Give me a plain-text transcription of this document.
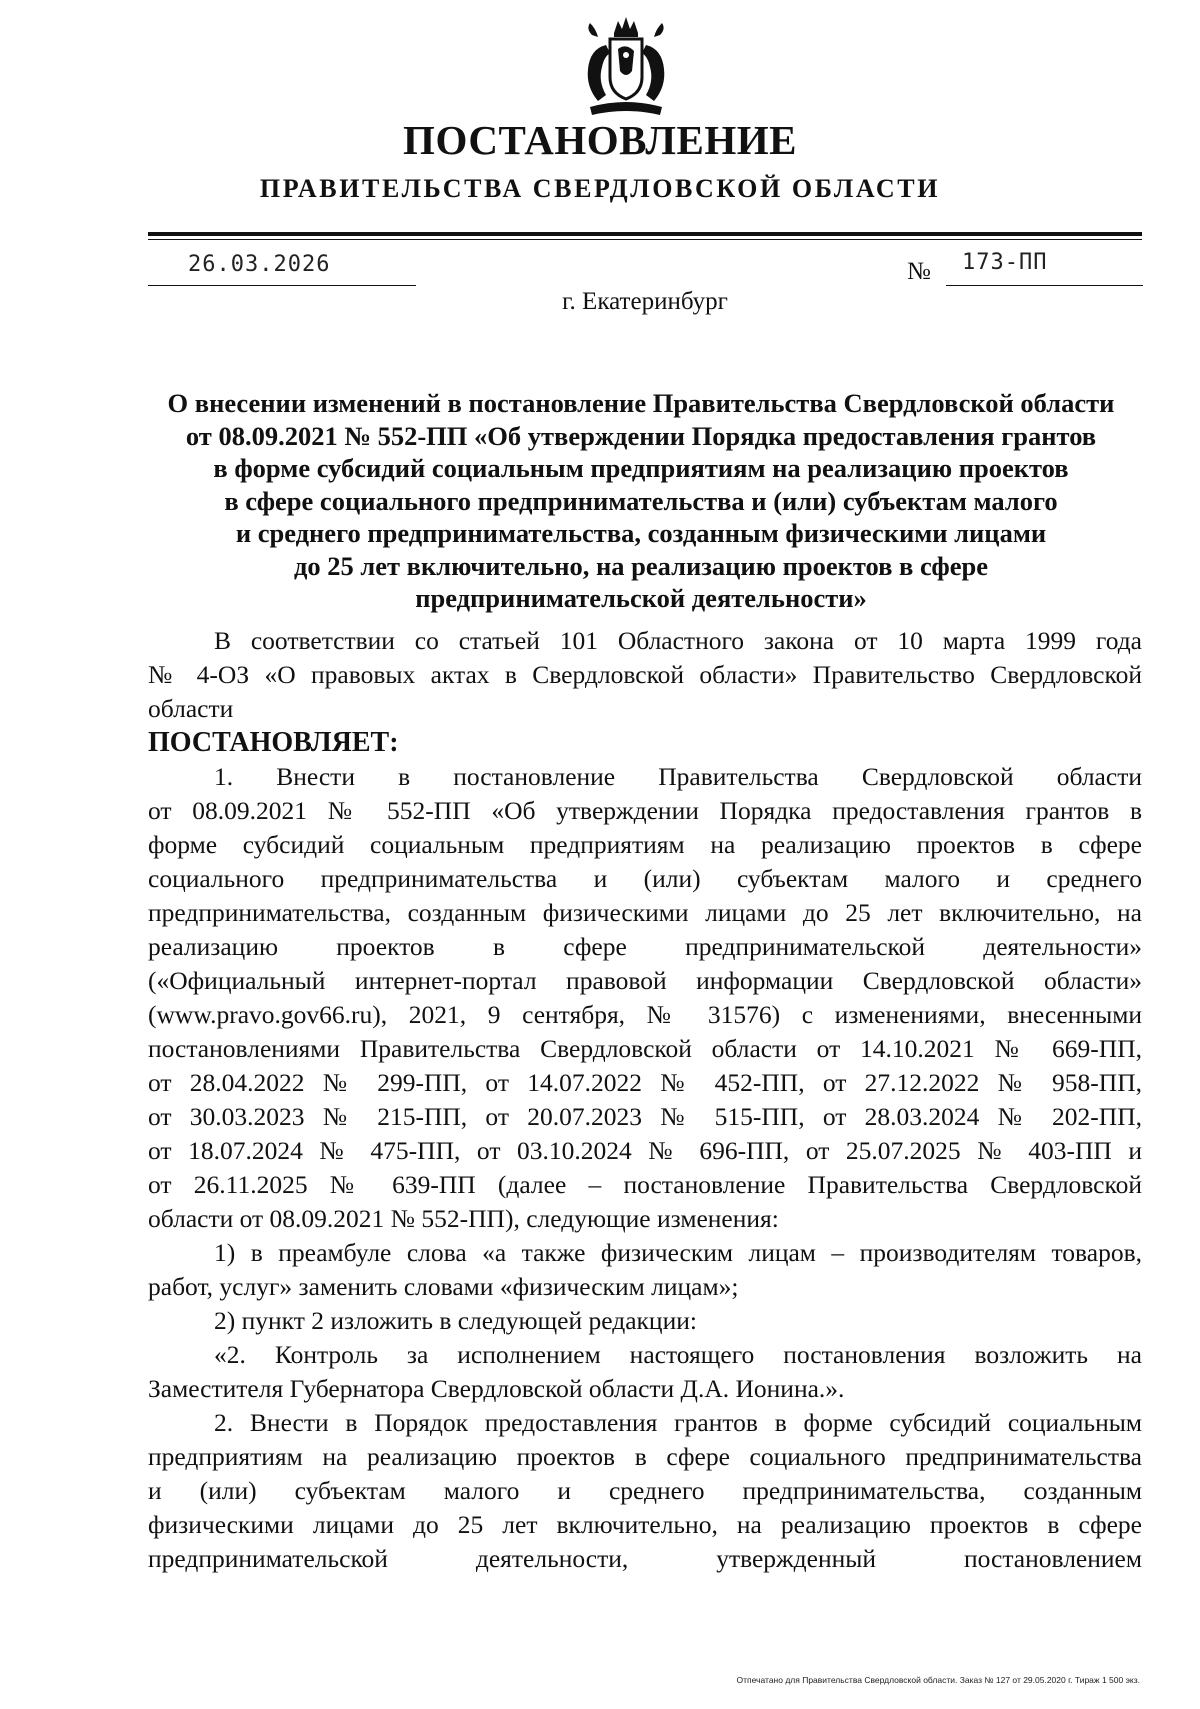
ПОСТАНОВЛЕНИЕ
ПРАВИТЕЛЬСТВА СВЕРДЛОВСКОЙ ОБЛАСТИ
26.03.2026	№ 173-ПП
г. Екатеринбург
О внесении изменений в постановление Правительства Свердловской области
от 08.09.2021 № 552-ПП «Об утверждении Порядка предоставления грантов
в форме субсидий социальным предприятиям на реализацию проектов
в сфере социального предпринимательства и (или) субъектам малого
и среднего предпринимательства, созданным физическими лицами
до 25 лет включительно, на реализацию проектов в сфере
предпринимательской деятельности»
В соответствии со статьей 101 Областного закона от 10 марта 1999 года
№ 4-ОЗ «О правовых актах в Свердловской области» Правительство Свердловской
области
ПОСТАНОВЛЯЕТ:
1. Внести в постановление Правительства Свердловской области
от 08.09.2021 № 552-ПП «Об утверждении Порядка предоставления грантов в
форме субсидий социальным предприятиям на реализацию проектов в сфере
социального предпринимательства и (или) субъектам малого и среднего
предпринимательства, созданным физическими лицами до 25 лет включительно, на
реализацию проектов в сфере предпринимательской деятельности»
(«Официальный интернет-портал правовой информации Свердловской области»
(www.pravo.gov66.ru), 2021, 9 сентября, № 31576) с изменениями, внесенными
постановлениями Правительства Свердловской области от 14.10.2021 № 669-ПП,
от 28.04.2022 № 299-ПП, от 14.07.2022 № 452-ПП, от 27.12.2022 № 958-ПП,
от 30.03.2023 № 215-ПП, от 20.07.2023 № 515-ПП, от 28.03.2024 № 202-ПП,
от 18.07.2024 № 475-ПП, от 03.10.2024 № 696-ПП, от 25.07.2025 № 403-ПП и
от 26.11.2025 № 639-ПП (далее – постановление Правительства Свердловской
области от 08.09.2021 № 552-ПП), следующие изменения:
1) в преамбуле слова «а также физическим лицам – производителям товаров,
работ, услуг» заменить словами «физическим лицам»;
2) пункт 2 изложить в следующей редакции:
«2. Контроль за исполнением настоящего постановления возложить на
Заместителя Губернатора Свердловской области Д.А. Ионина.».
2. Внести в Порядок предоставления грантов в форме субсидий социальным
предприятиям на реализацию проектов в сфере социального предпринимательства
и (или) субъектам малого и среднего предпринимательства, созданным
физическими лицами до 25 лет включительно, на реализацию проектов в сфере
предпринимательской деятельности, утвержденный постановлением
Отпечатано для Правительства Свердловской области. Заказ № 127 от 29.05.2020 г. Тираж 1 500 экз.
